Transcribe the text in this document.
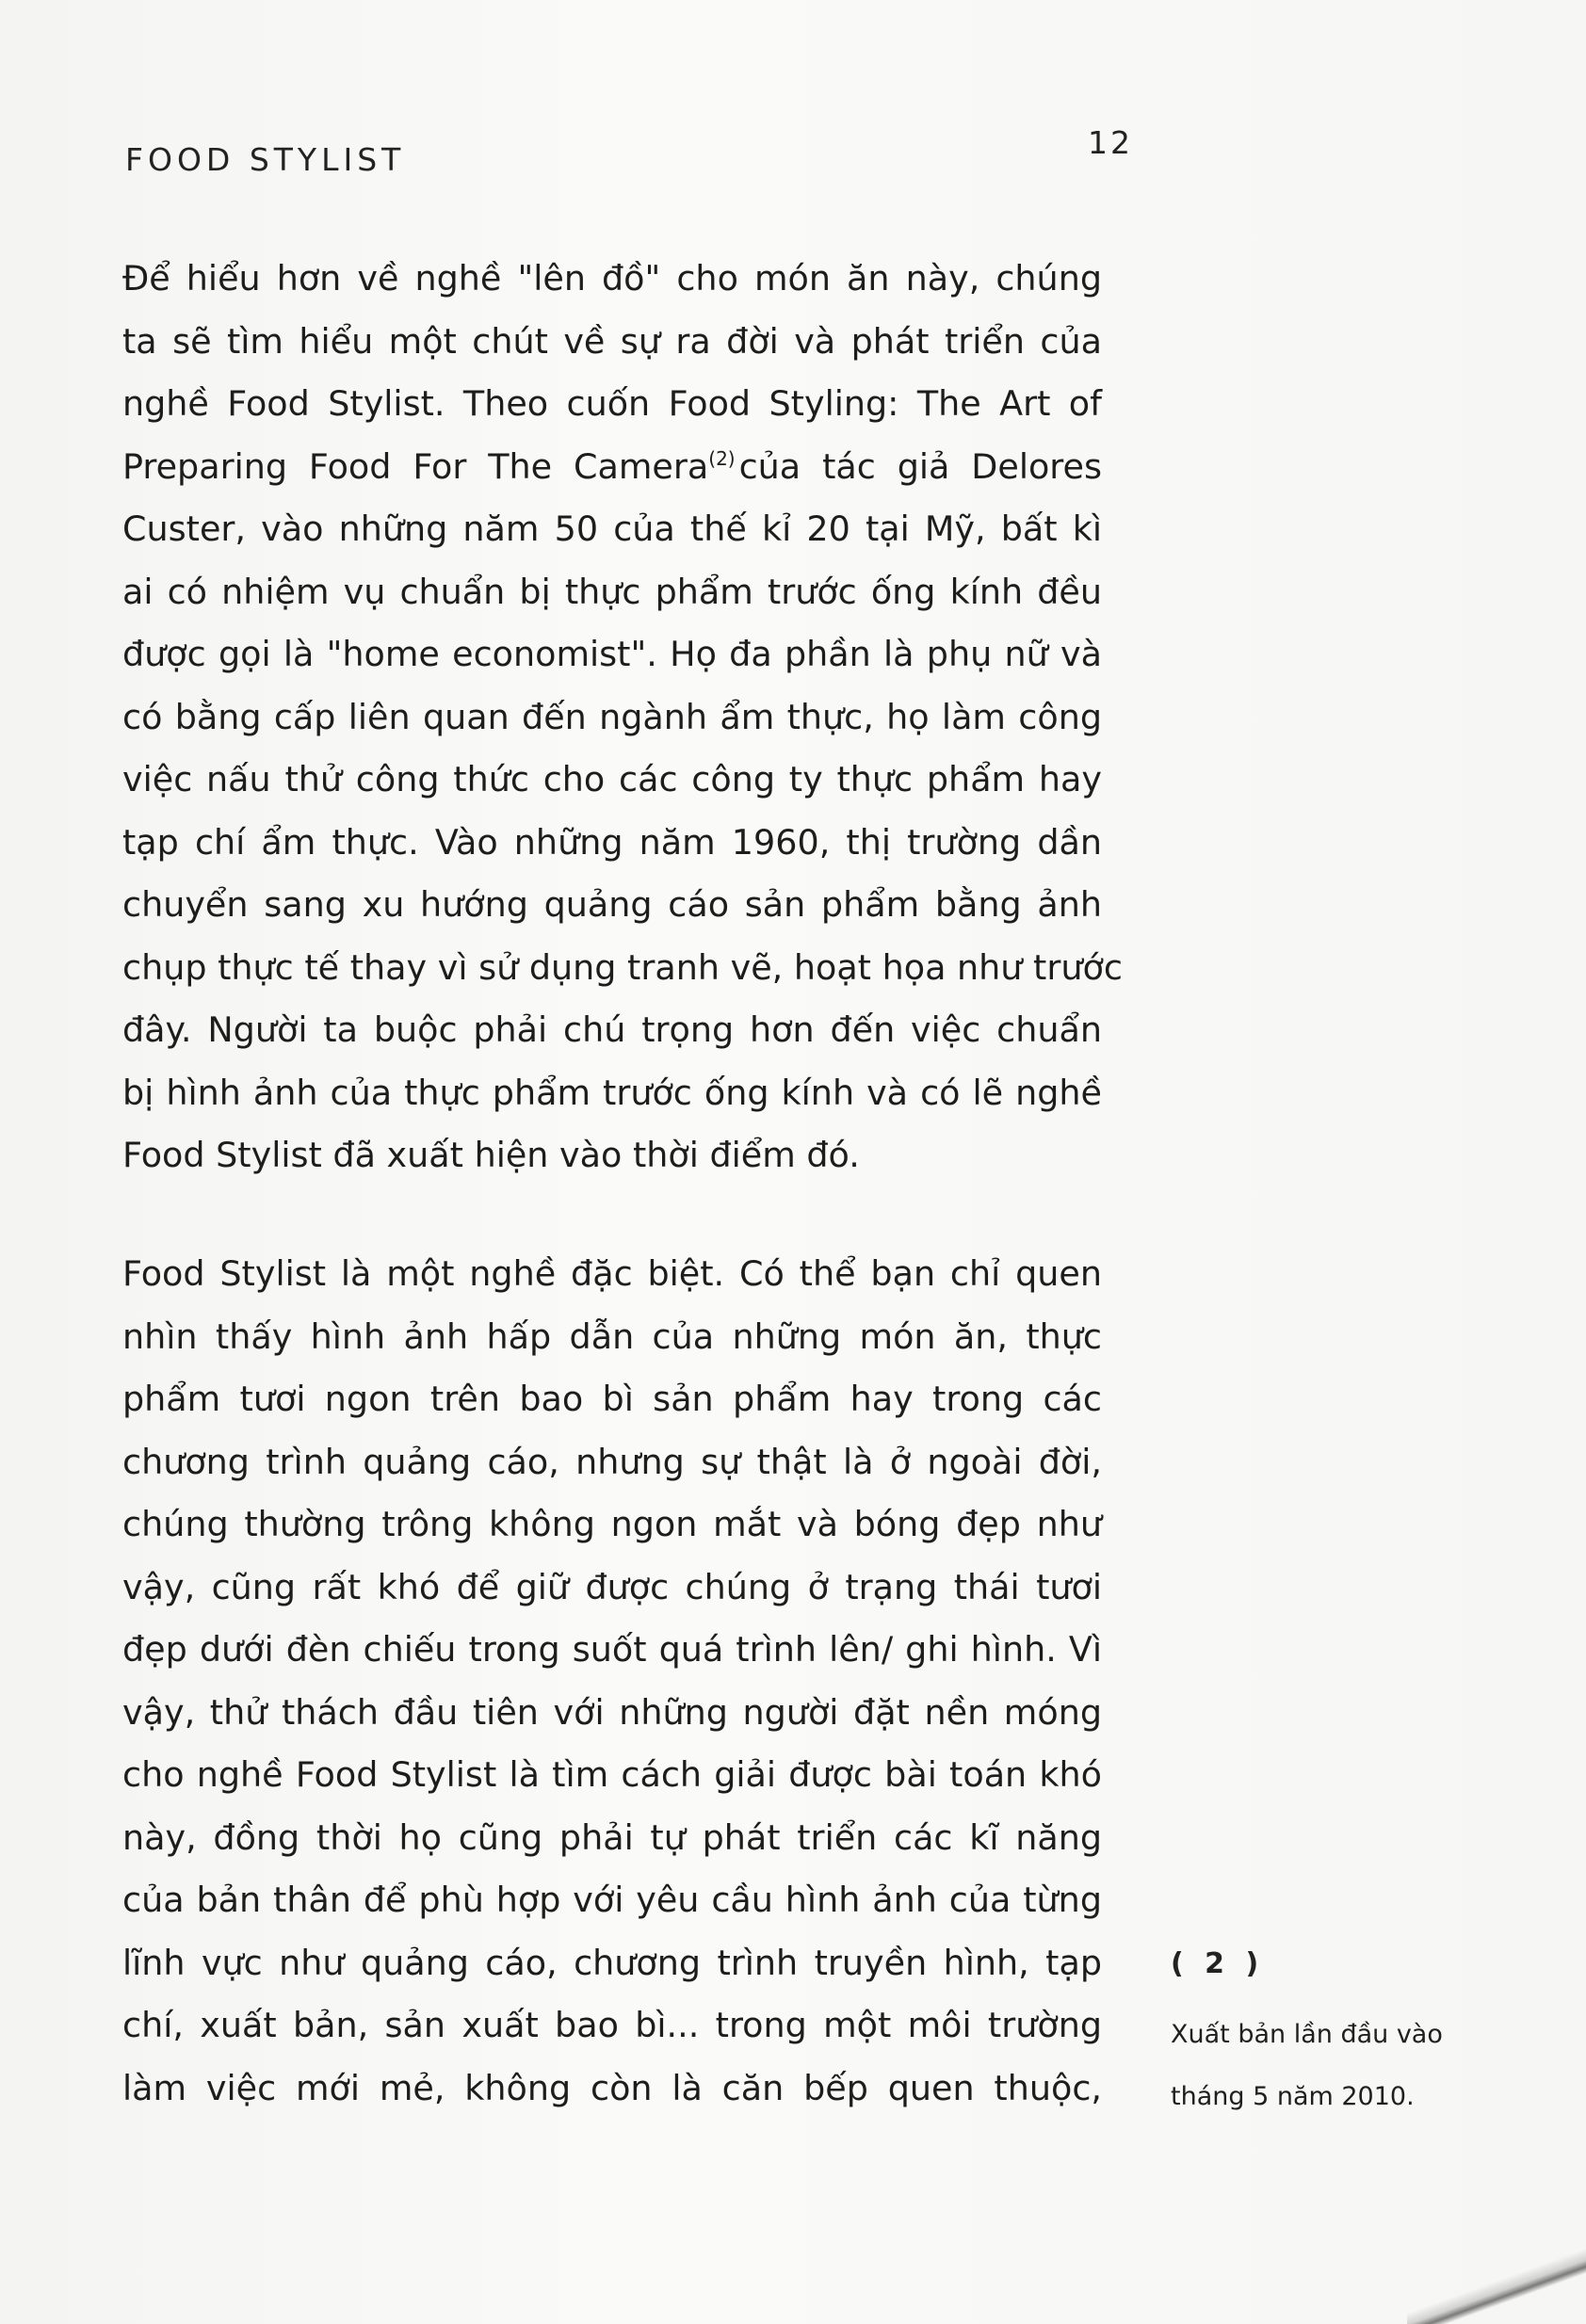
FOOD STYLIST	12

Để hiểu hơn về nghề "lên đồ" cho món ăn này, chúng
ta sẽ tìm hiểu một chút về sự ra đời và phát triển của
nghề Food Stylist. Theo cuốn Food Styling: The Art of
Preparing Food For The Camera$^{(2)}$ của tác giả Delores
Custer, vào những năm 50 của thế kỉ 20 tại Mỹ, bất kì
ai có nhiệm vụ chuẩn bị thực phẩm trước ống kính đều
được gọi là "home economist". Họ đa phần là phụ nữ và
có bằng cấp liên quan đến ngành ẩm thực, họ làm công
việc nấu thử công thức cho các công ty thực phẩm hay
tạp chí ẩm thực. Vào những năm 1960, thị trường dần
chuyển sang xu hướng quảng cáo sản phẩm bằng ảnh
chụp thực tế thay vì sử dụng tranh vẽ, hoạt họa như trước
đây. Người ta buộc phải chú trọng hơn đến việc chuẩn
bị hình ảnh của thực phẩm trước ống kính và có lẽ nghề
Food Stylist đã xuất hiện vào thời điểm đó.

Food Stylist là một nghề đặc biệt. Có thể bạn chỉ quen
nhìn thấy hình ảnh hấp dẫn của những món ăn, thực
phẩm tươi ngon trên bao bì sản phẩm hay trong các
chương trình quảng cáo, nhưng sự thật là ở ngoài đời,
chúng thường trông không ngon mắt và bóng đẹp như
vậy, cũng rất khó để giữ được chúng ở trạng thái tươi
đẹp dưới đèn chiếu trong suốt quá trình lên/ ghi hình. Vì
vậy, thử thách đầu tiên với những người đặt nền móng
cho nghề Food Stylist là tìm cách giải được bài toán khó
này, đồng thời họ cũng phải tự phát triển các kĩ năng
của bản thân để phù hợp với yêu cầu hình ảnh của từng
lĩnh vực như quảng cáo, chương trình truyền hình, tạp
chí, xuất bản, sản xuất bao bì... trong một môi trường
làm việc mới mẻ, không còn là căn bếp quen thuộc,

( 2 )
Xuất bản lần đầu vào
tháng 5 năm 2010.
